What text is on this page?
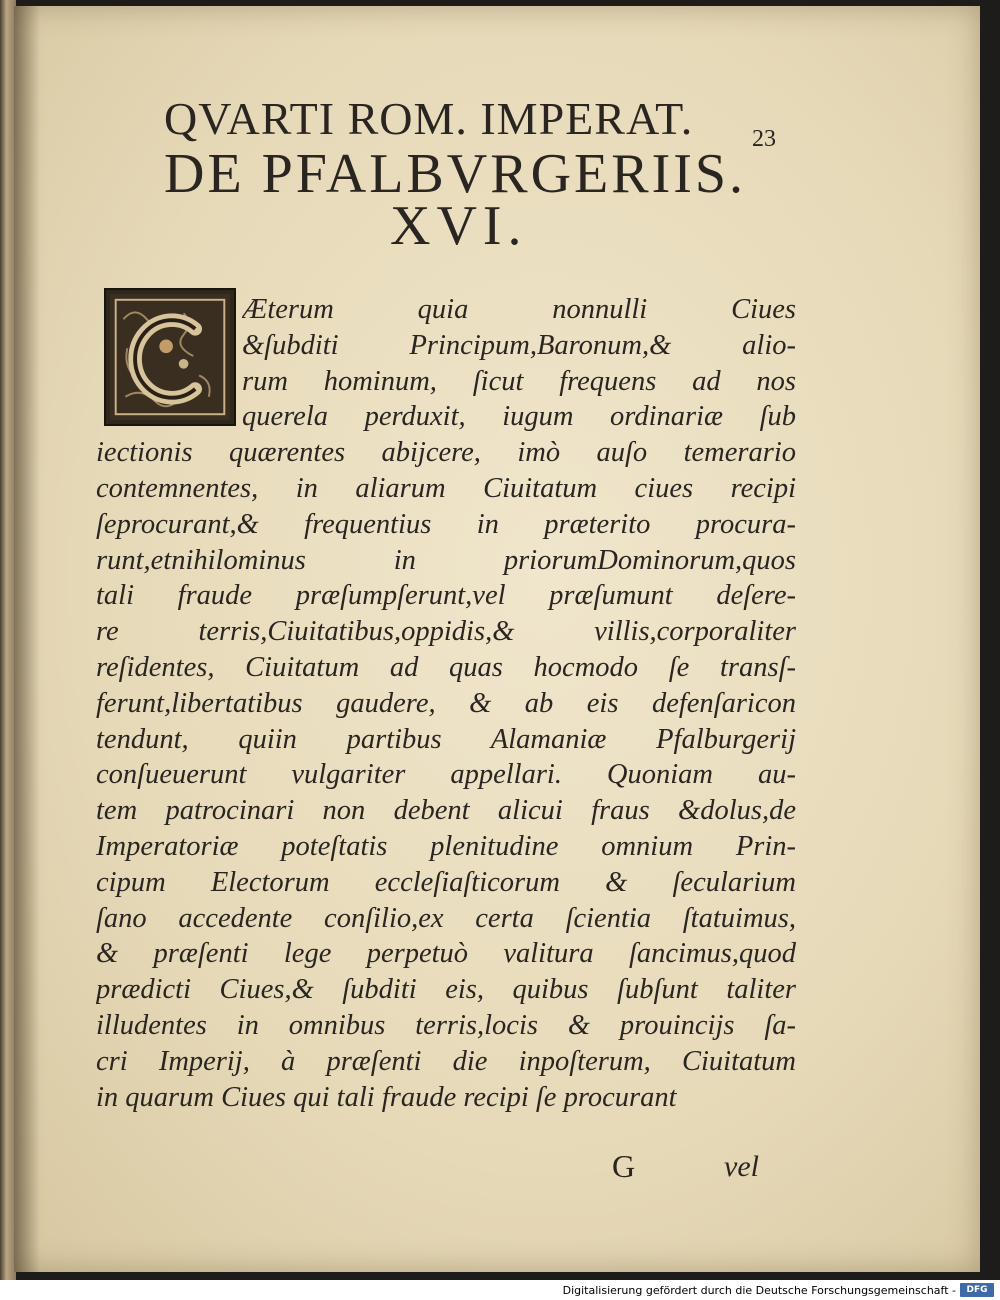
QVARTI ROM. IMPERAT.	23
DE PFALBVRGERIIS.
XVI.
Æterum quia nonnulli Ciues
&ſubditi Principum,Baronum,& alio-
rum hominum, ſicut frequens ad nos
querela perduxit, iugum ordinariæ ſub
iectionis quærentes abijcere, imò auſo temerario
contemnentes, in aliarum Ciuitatum ciues recipi
ſeprocurant,& frequentius in præterito procura-
runt,etnihilominus in priorumDominorum,quos
tali fraude præſumpſerunt,vel præſumunt deſere-
re terris,Ciuitatibus,oppidis,& villis,corporaliter
reſidentes, Ciuitatum ad quas hocmodo ſe transſ-
ferunt,libertatibus gaudere, & ab eis defenſaricon
tendunt, quiin partibus Alamaniæ Pfalburgerij
conſueuerunt vulgariter appellari. Quoniam au-
tem patrocinari non debent alicui fraus &dolus,de
Imperatoriæ poteſtatis plenitudine omnium Prin-
cipum Electorum eccleſiaſticorum & ſecularium
ſano accedente conſilio,ex certa ſcientia ſtatuimus,
& præſenti lege perpetuò valitura ſancimus,quod
prædicti Ciues,& ſubditi eis, quibus ſubſunt taliter
illudentes in omnibus terris,locis & prouincijs ſa-
cri Imperij, à præſenti die inpoſterum, Ciuitatum
in quarum Ciues qui tali fraude recipi ſe procurant
G	vel
Digitalisierung gefördert durch die Deutsche Forschungsgemeinschaft -	DFG
